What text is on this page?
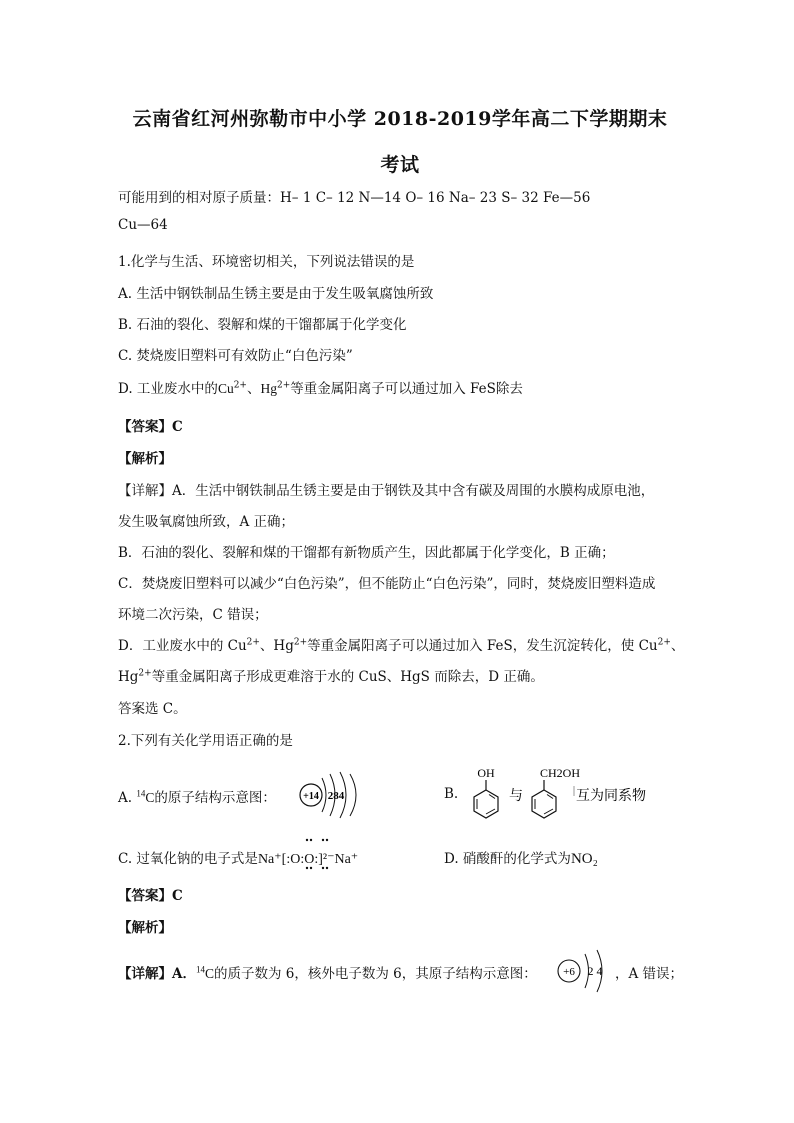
云南省红河州弥勒市中小学 2018-2019学年高二下学期期末
考试
可能用到的相对原子质量：H– 1 C– 12 N—14 O– 16 Na– 23 S– 32 Fe—56
Cu—64
1.化学与生活、环境密切相关，下列说法错误的是
A. 生活中钢铁制品生锈主要是由于发生吸氧腐蚀所致
B. 石油的裂化、裂解和煤的干馏都属于化学变化
C. 焚烧废旧塑料可有效防止“白色污染”
D. 工业废水中的$Cu^{2+}$、$Hg^{2+}$等重金属阳离子可以通过加入 FeS除去
【答案】C
【解析】
【详解】A．生活中钢铁制品生锈主要是由于钢铁及其中含有碳及周围的水膜构成原电池，
发生吸氧腐蚀所致，A 正确；
B．石油的裂化、裂解和煤的干馏都有新物质产生，因此都属于化学变化，B 正确；
C．焚烧废旧塑料可以减少“白色污染”，但不能防止“白色污染”，同时，焚烧废旧塑料造成
环境二次污染，C 错误；
D．工业废水中的 $Cu^{2+}$、$Hg^{2+}$等重金属阳离子可以通过加入 FeS，发生沉淀转化，使 $Cu^{2+}$、
$Hg^{2+}$等重金属阳离子形成更难溶于水的 CuS、HgS 而除去，D 正确。
答案选 C。
2.下列有关化学用语正确的是
A. $^{14}$C的原子结构示意图：	+14 284	B.
OH
与
CH2OH
互为同系物
C. 过氧化钠的电子式是Na⁺[:O:O:]²⁻Na⁺	D. 硝酸酐的化学式为NO₂
【答案】C
【解析】
【详解】A．$^{14}$C的质子数为 6，核外电子数为 6，其原子结构示意图： +6 2 4 ，A 错误；
